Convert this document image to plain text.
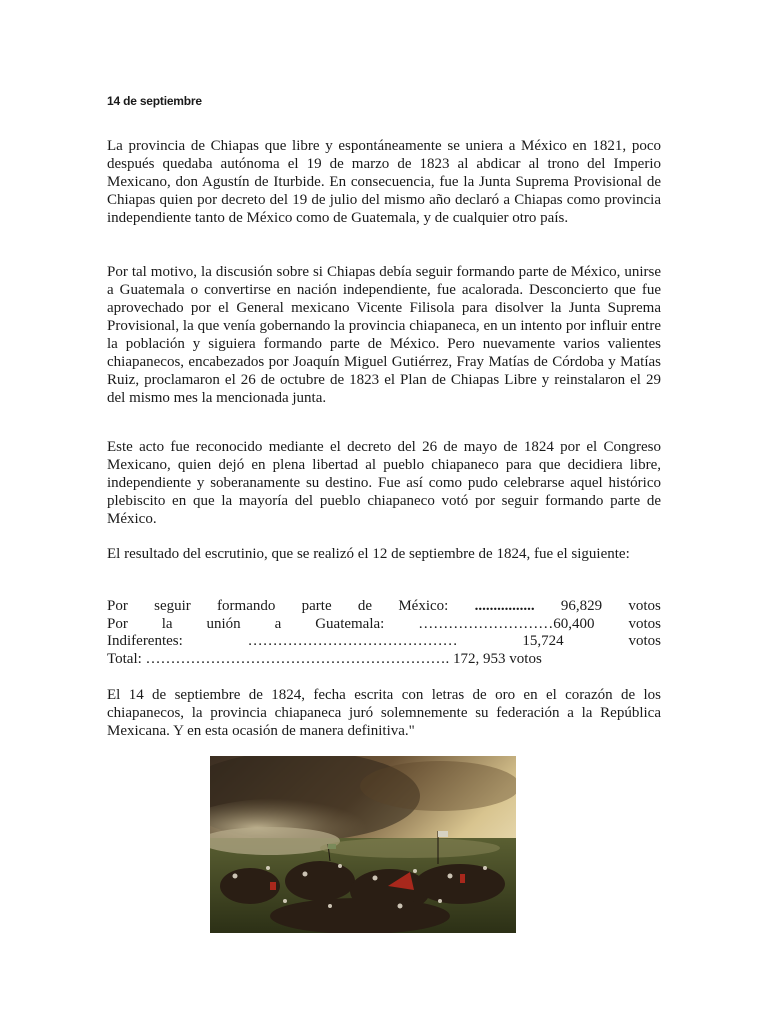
14 de septiembre

La provincia de Chiapas que libre y espontáneamente se uniera a México en 1821, poco después quedaba autónoma el 19 de marzo de 1823 al abdicar al trono del Imperio Mexicano, don Agustín de Iturbide. En consecuencia, fue la Junta Suprema Provisional de Chiapas quien por decreto del 19 de julio del mismo año declaró a Chiapas como provincia independiente tanto de México como de Guatemala, y de cualquier otro país.

Por tal motivo, la discusión sobre si Chiapas debía seguir formando parte de México, unirse a Guatemala o convertirse en nación independiente, fue acalorada. Desconcierto que fue aprovechado por el General mexicano Vicente Filisola para disolver la Junta Suprema Provisional, la que venía gobernando la provincia chiapaneca, en un intento por influir entre la población y siguiera formando parte de México. Pero nuevamente varios valientes chiapanecos, encabezados por Joaquín Miguel Gutiérrez, Fray Matías de Córdoba y Matías Ruiz, proclamaron el 26 de octubre de 1823 el Plan de Chiapas Libre y reinstalaron el 29 del mismo mes la mencionada junta.

Este acto fue reconocido mediante el decreto del 26 de mayo de 1824 por el Congreso Mexicano, quien dejó en plena libertad al pueblo chiapaneco para que decidiera libre, independiente y soberanamente su destino. Fue así como pudo celebrarse aquel histórico plebiscito en que la mayoría del pueblo chiapaneco votó por seguir formando parte de México.

El resultado del escrutinio, que se realizó el 12 de septiembre de 1824, fue el siguiente:

Por seguir formando parte de México: ................ 96,829 votos
Por la unión a Guatemala: ………………………60,400 votos
Indiferentes:	……………………………………	15,724	votos
Total: ……………………………………………………. 172, 953 votos

El 14 de septiembre de 1824, fecha escrita con letras de oro en el corazón de los chiapanecos, la provincia chiapaneca juró solemnemente su federación a la República Mexicana. Y en esta ocasión de manera definitiva."
